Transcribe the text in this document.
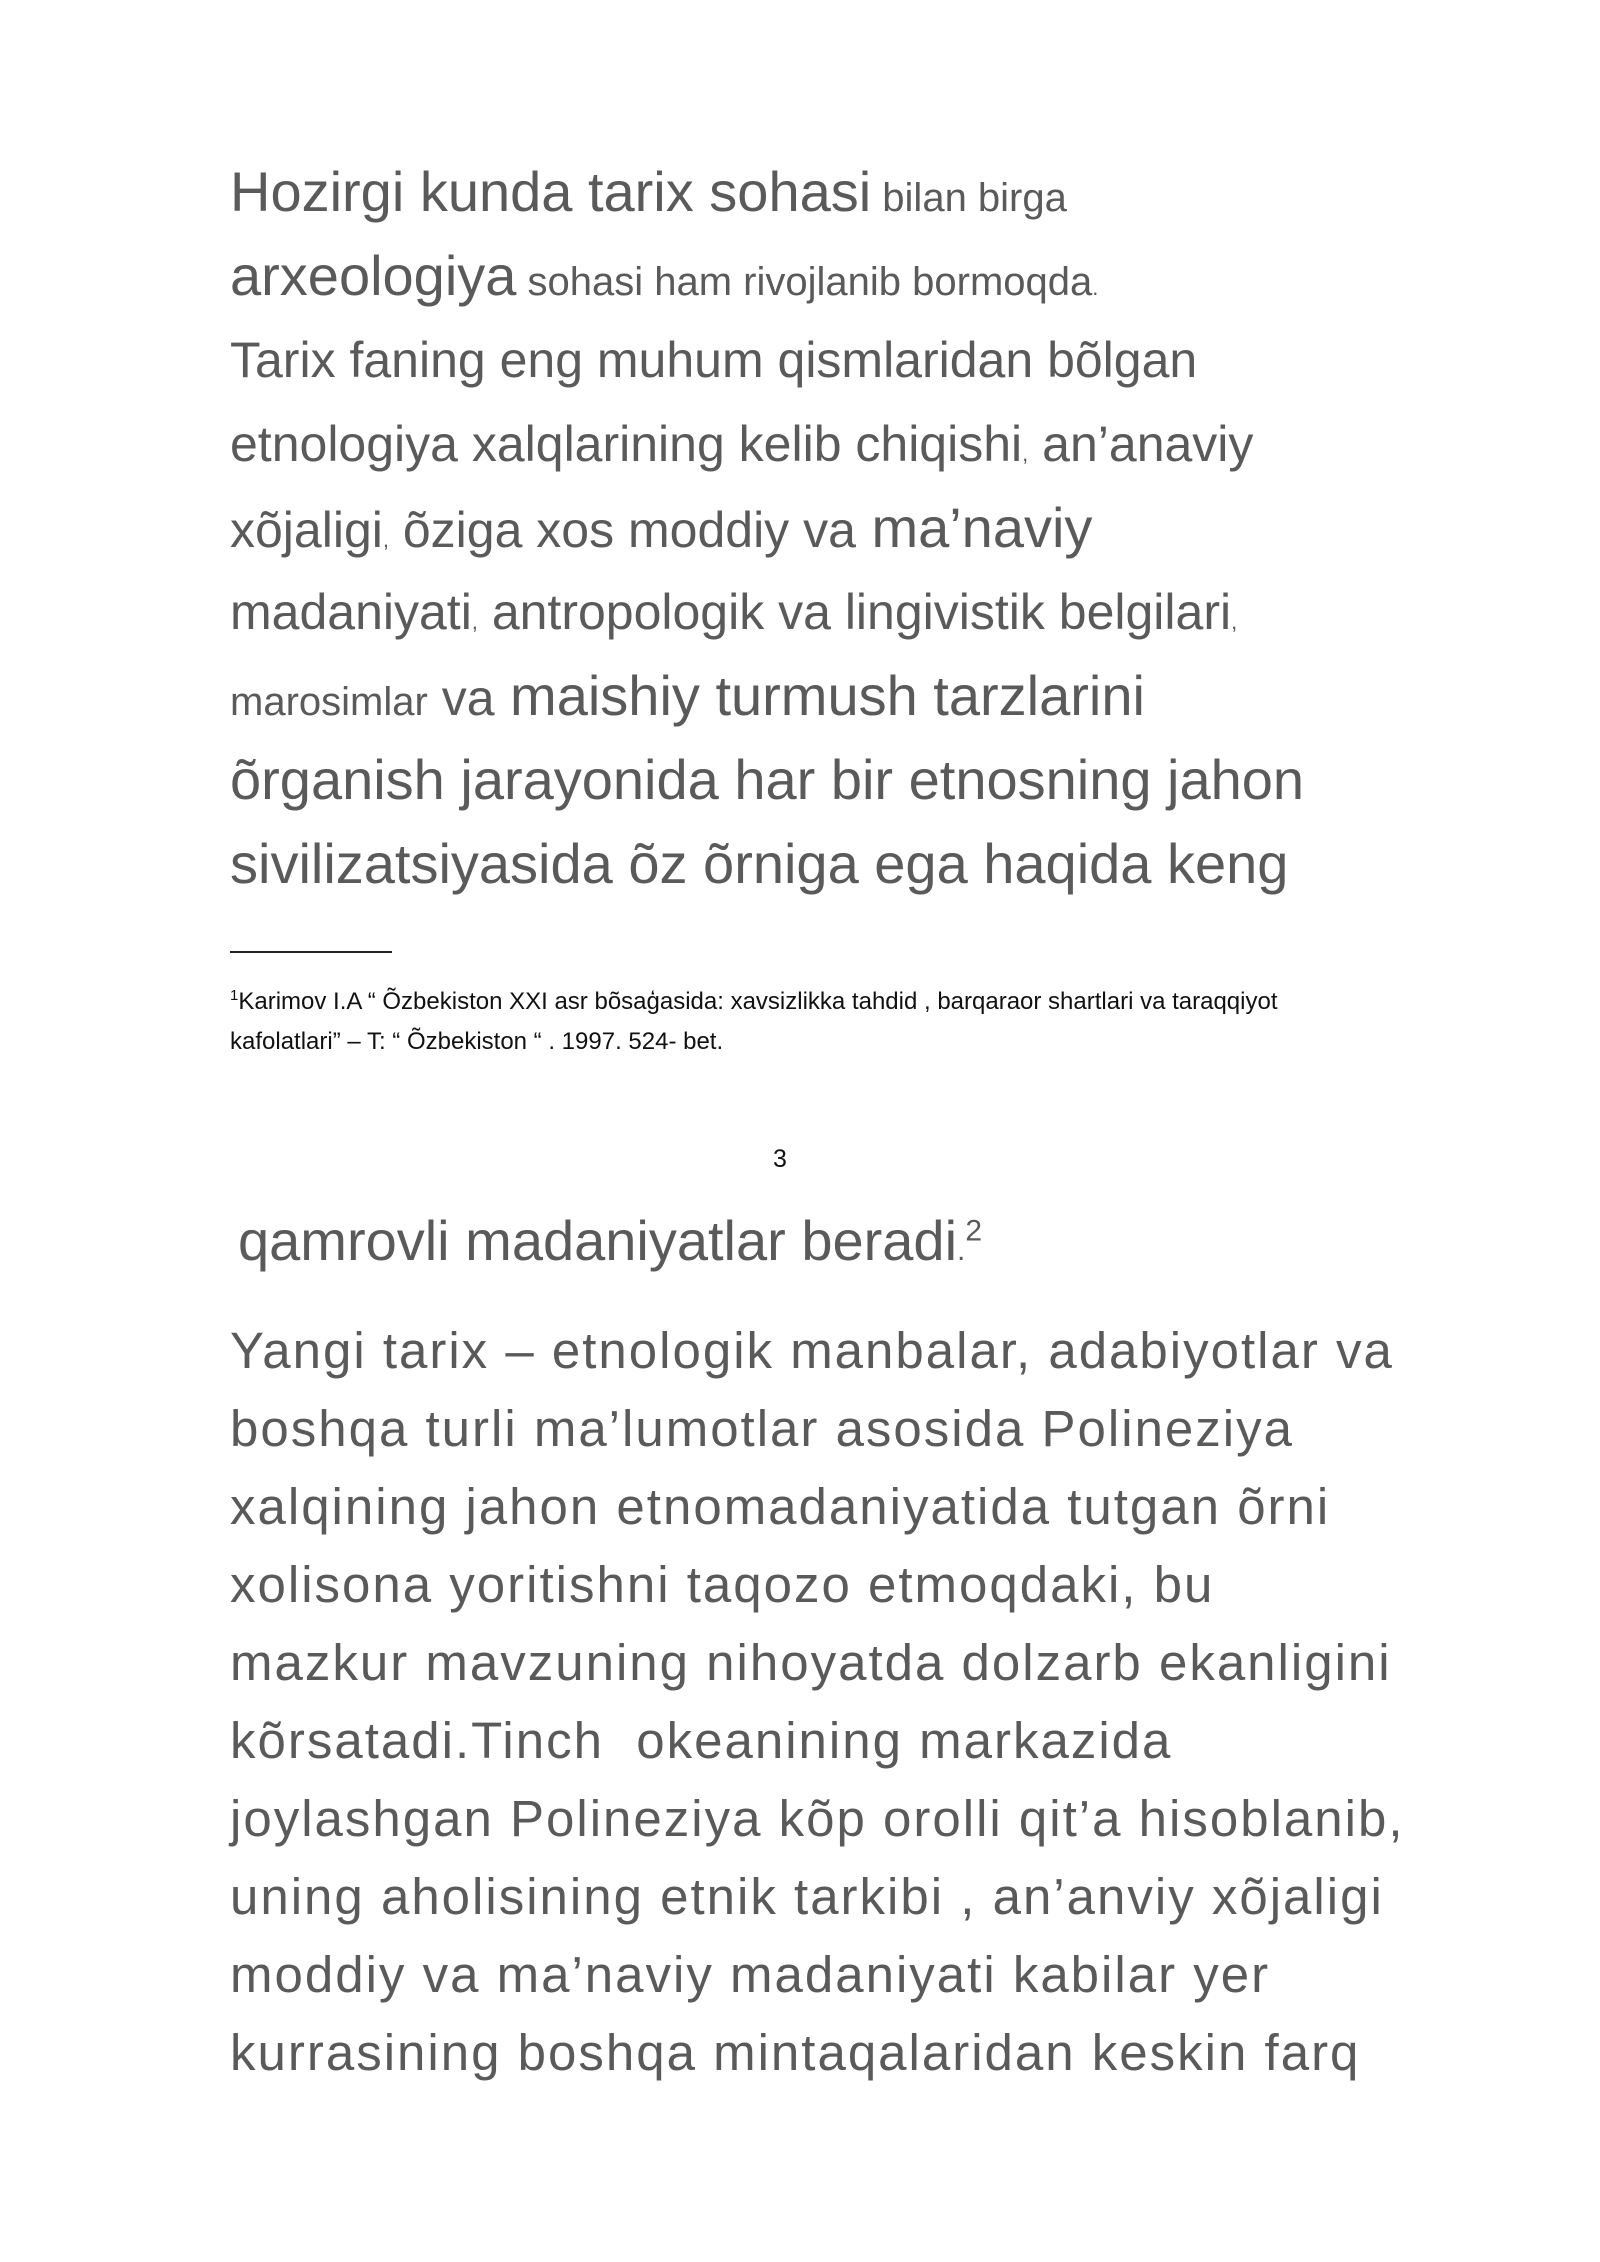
Hozirgi kunda tarix sohasi bilan birga
arxeologiya sohasi ham rivojlanib bormoqda.
Tarix faning eng muhum qismlaridan bõlgan
etnologiya xalqlarining kelib chiqishi, an’anaviy
xõjaligi, õziga xos moddiy va ma’naviy
madaniyati, antropologik va lingivistik belgilari,
marosimlar va maishiy turmush tarzlarini
õrganish jarayonida har bir etnosning jahon
sivilizatsiyasida õz õrniga ega haqida keng
$^1$Karimov I.A “ Õzbekiston XXI asr bõsaģasida: xavsizlikka tahdid , barqaraor shartlari va taraqqiyot
kafolatlari” – T: “ Õzbekiston “ . 1997. 524- bet.
3
qamrovli madaniyatlar beradi.$^2$
Yangi tarix – etnologik manbalar, adabiyotlar va
boshqa turli ma’lumotlar asosida Polineziya
xalqining jahon etnomadaniyatida tutgan õrni
xolisona yoritishni taqozo etmoqdaki, bu
mazkur mavzuning nihoyatda dolzarb ekanligini
kõrsatadi.Tinch  okeanining markazida
joylashgan Polineziya kõp orolli qit’a hisoblanib,
uning aholisining etnik tarkibi , an’anviy xõjaligi
moddiy va ma’naviy madaniyati kabilar yer
kurrasining boshqa mintaqalaridan keskin farq
